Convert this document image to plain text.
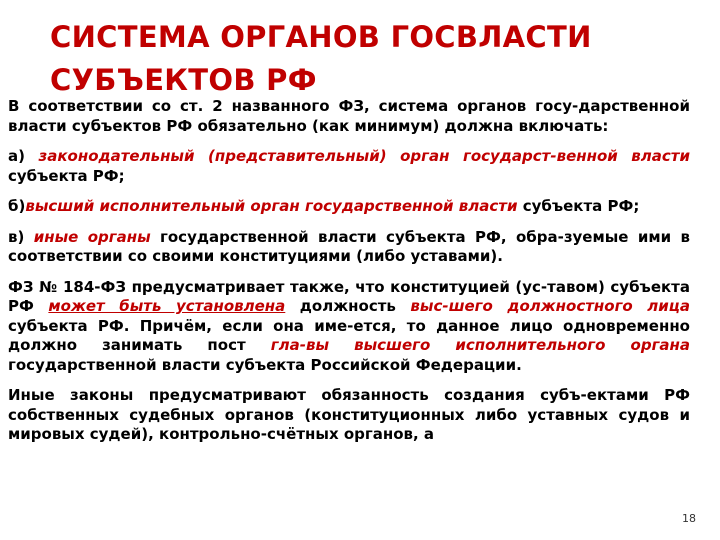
СИСТЕМА ОРГАНОВ ГОСВЛАСТИ СУБЪЕКТОВ РФ

В соответствии со ст. 2 названного ФЗ, система органов госу-дарственной власти субъектов РФ обязательно (как минимум) должна включать:

а) законодательный (представительный) орган государст-венной власти субъекта РФ;

б)высший исполнительный орган государственной власти субъекта РФ;

в) иные органы государственной власти субъекта РФ, обра-зуемые ими в соответствии со своими конституциями (либо уставами).

ФЗ № 184-ФЗ предусматривает также, что конституцией (ус-тавом) субъекта РФ может быть установлена должность выс-шего должностного лица субъекта РФ. Причём, если она име-ется, то данное лицо одновременно должно занимать пост гла-вы высшего исполнительного органа государственной власти субъекта Российской Федерации.

Иные законы предусматривают обязанность создания субъ-ектами РФ собственных судебных органов (конституционных либо уставных судов и мировых судей), контрольно-счётных органов, а

18
